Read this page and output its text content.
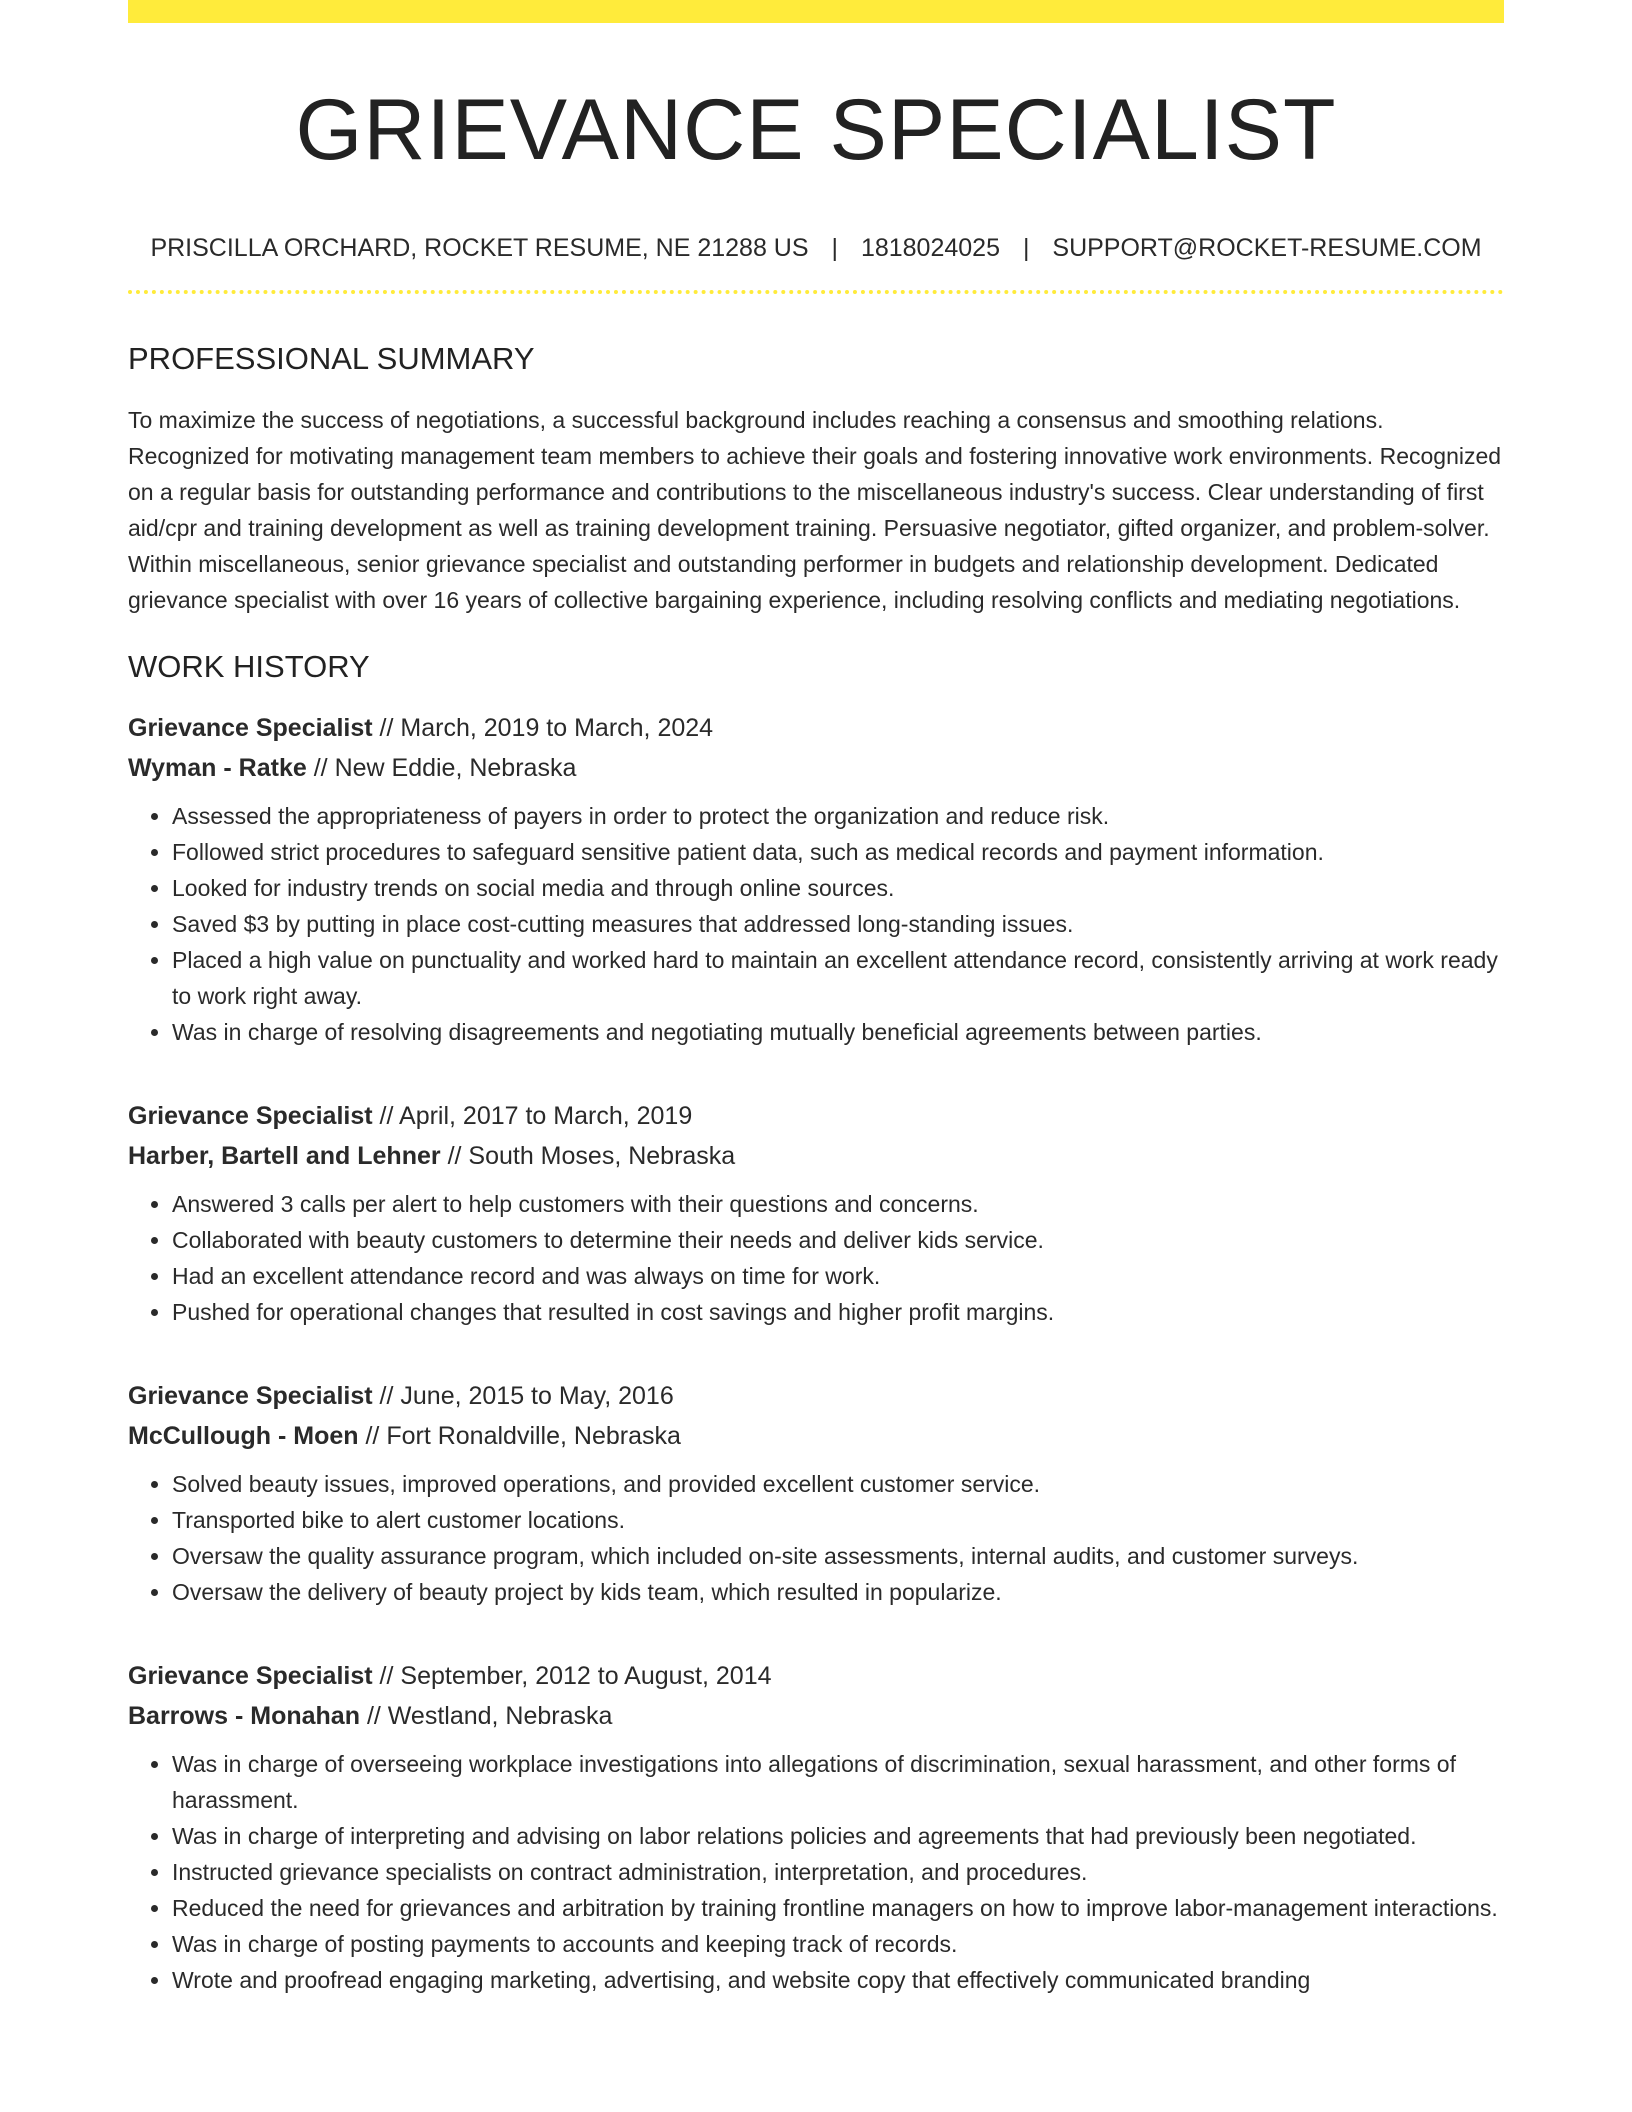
GRIEVANCE SPECIALIST
PRISCILLA ORCHARD, ROCKET RESUME, NE 21288 US | 1818024025 | SUPPORT@ROCKET-RESUME.COM
PROFESSIONAL SUMMARY

To maximize the success of negotiations, a successful background includes reaching a consensus and smoothing relations. Recognized for motivating management team members to achieve their goals and fostering innovative work environments. Recognized on a regular basis for outstanding performance and contributions to the miscellaneous industry's success. Clear understanding of first aid/cpr and training development as well as training development training. Persuasive negotiator, gifted organizer, and problem-solver. Within miscellaneous, senior grievance specialist and outstanding performer in budgets and relationship development. Dedicated grievance specialist with over 16 years of collective bargaining experience, including resolving conflicts and mediating negotiations.

WORK HISTORY
Grievance Specialist // March, 2019 to March, 2024
Wyman - Ratke // New Eddie, Nebraska
• Assessed the appropriateness of payers in order to protect the organization and reduce risk.
• Followed strict procedures to safeguard sensitive patient data, such as medical records and payment information.
• Looked for industry trends on social media and through online sources.
• Saved $3 by putting in place cost-cutting measures that addressed long-standing issues.
• Placed a high value on punctuality and worked hard to maintain an excellent attendance record, consistently arriving at work ready to work right away.
• Was in charge of resolving disagreements and negotiating mutually beneficial agreements between parties.
Grievance Specialist // April, 2017 to March, 2019
Harber, Bartell and Lehner // South Moses, Nebraska
• Answered 3 calls per alert to help customers with their questions and concerns.
• Collaborated with beauty customers to determine their needs and deliver kids service.
• Had an excellent attendance record and was always on time for work.
• Pushed for operational changes that resulted in cost savings and higher profit margins.
Grievance Specialist // June, 2015 to May, 2016
McCullough - Moen // Fort Ronaldville, Nebraska
• Solved beauty issues, improved operations, and provided excellent customer service.
• Transported bike to alert customer locations.
• Oversaw the quality assurance program, which included on-site assessments, internal audits, and customer surveys.
• Oversaw the delivery of beauty project by kids team, which resulted in popularize.
Grievance Specialist // September, 2012 to August, 2014
Barrows - Monahan // Westland, Nebraska
• Was in charge of overseeing workplace investigations into allegations of discrimination, sexual harassment, and other forms of harassment.
• Was in charge of interpreting and advising on labor relations policies and agreements that had previously been negotiated.
• Instructed grievance specialists on contract administration, interpretation, and procedures.
• Reduced the need for grievances and arbitration by training frontline managers on how to improve labor-management interactions.
• Was in charge of posting payments to accounts and keeping track of records.
• Wrote and proofread engaging marketing, advertising, and website copy that effectively communicated branding
